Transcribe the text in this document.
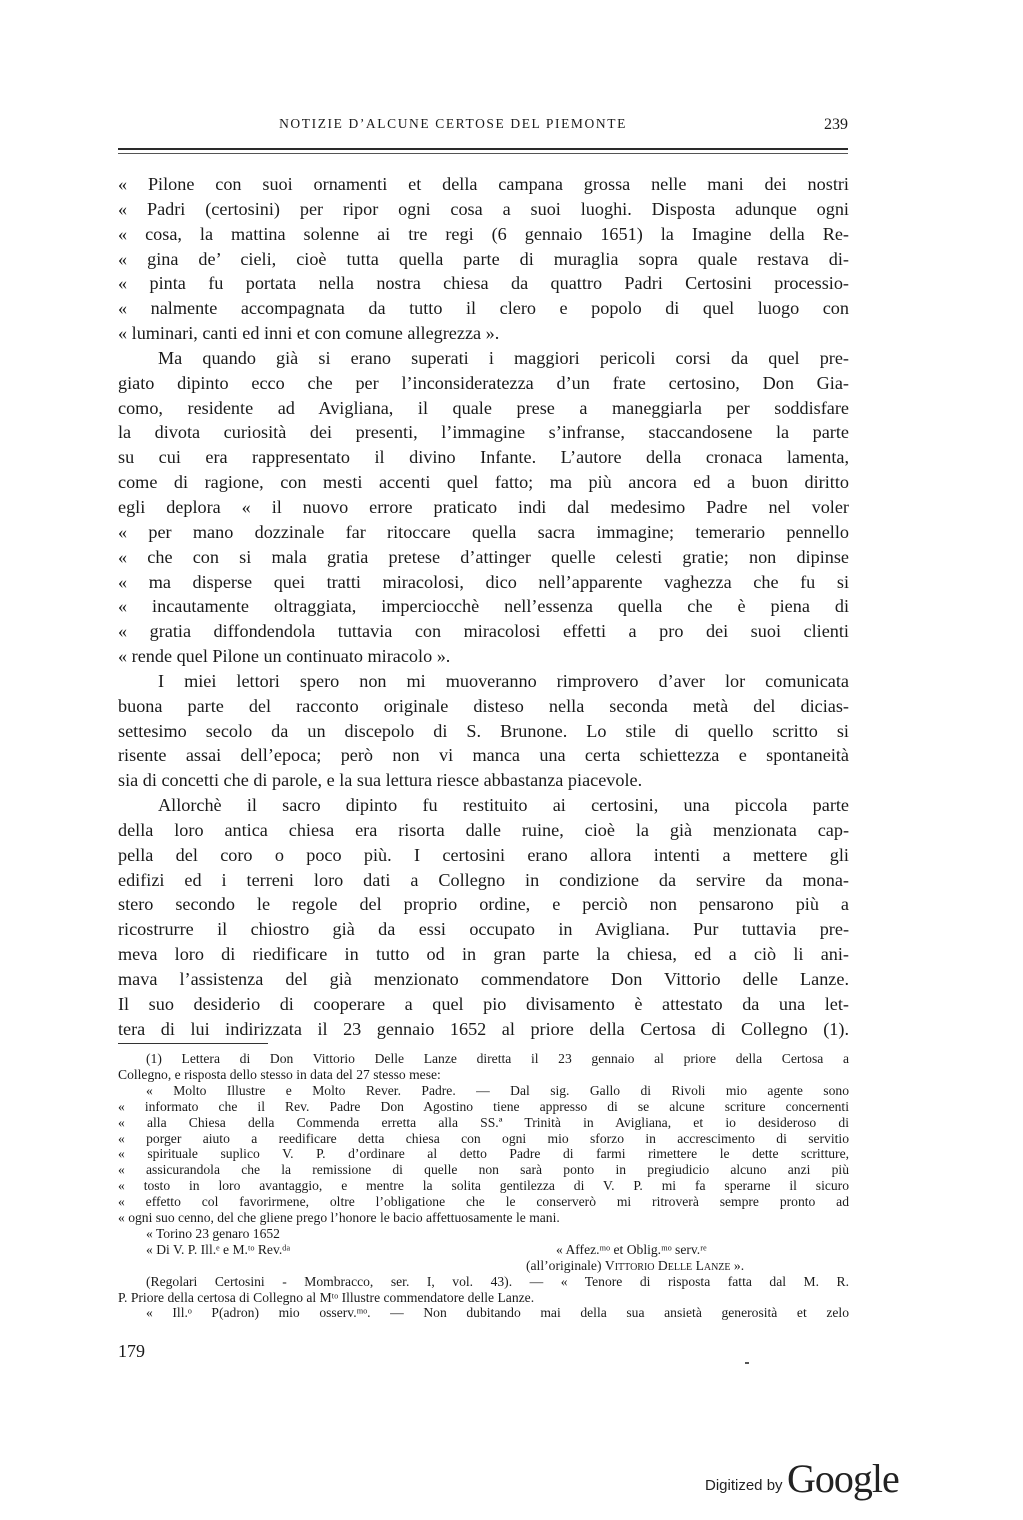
NOTIZIE D’ALCUNE CERTOSE DEL PIEMONTE	239
« Pilone con suoi ornamenti et della campana grossa nelle mani dei nostri
« Padri (certosini) per ripor ogni cosa a suoi luoghi. Disposta adunque ogni
« cosa, la mattina solenne ai tre regi (6 gennaio 1651) la Imagine della Re-
« gina de’ cieli, cioè tutta quella parte di muraglia sopra quale restava di-
« pinta fu portata nella nostra chiesa da quattro Padri Certosini processio-
« nalmente accompagnata da tutto il clero e popolo di quel luogo con
« luminari, canti ed inni et con comune allegrezza ».
Ma quando già si erano superati i maggiori pericoli corsi da quel pre-
giato dipinto ecco che per l’inconsideratezza d’un frate certosino, Don Gia-
como, residente ad Avigliana, il quale prese a maneggiarla per soddisfare
la divota curiosità dei presenti, l’immagine s’infranse, staccandosene la parte
su cui era rappresentato il divino Infante. L’autore della cronaca lamenta,
come di ragione, con mesti accenti quel fatto; ma più ancora ed a buon diritto
egli deplora « il nuovo errore praticato indi dal medesimo Padre nel voler
« per mano dozzinale far ritoccare quella sacra immagine; temerario pennello
« che con si mala gratia pretese d’attinger quelle celesti gratie; non dipinse
« ma disperse quei tratti miracolosi, dico nell’apparente vaghezza che fu si
« incautamente oltraggiata, imperciocchè nell’essenza quella che è piena di
« gratia diffondendola tuttavia con miracolosi effetti a pro dei suoi clienti
« rende quel Pilone un continuato miracolo ».
I miei lettori spero non mi muoveranno rimprovero d’aver lor comunicata
buona parte del racconto originale disteso nella seconda metà del dicias-
settesimo secolo da un discepolo di S. Brunone. Lo stile di quello scritto si
risente assai dell’epoca; però non vi manca una certa schiettezza e spontaneità
sia di concetti che di parole, e la sua lettura riesce abbastanza piacevole.
Allorchè il sacro dipinto fu restituito ai certosini, una piccola parte
della loro antica chiesa era risorta dalle ruine, cioè la già menzionata cap-
pella del coro o poco più. I certosini erano allora intenti a mettere gli
edifizi ed i terreni loro dati a Collegno in condizione da servire da mona-
stero secondo le regole del proprio ordine, e perciò non pensarono più a
ricostrurre il chiostro già da essi occupato in Avigliana. Pur tuttavia pre-
meva loro di riedificare in tutto od in gran parte la chiesa, ed a ciò li ani-
mava l’assistenza del già menzionato commendatore Don Vittorio delle Lanze.
Il suo desiderio di cooperare a quel pio divisamento è attestato da una let-
tera di lui indirizzata il 23 gennaio 1652 al priore della Certosa di Collegno (1).
(1) Lettera di Don Vittorio Delle Lanze diretta il 23 gennaio al priore della Certosa a
Collegno, e risposta dello stesso in data del 27 stesso mese:
« Molto Illustre e Molto Rever. Padre. — Dal sig. Gallo di Rivoli mio agente sono
« informato che il Rev. Padre Don Agostino tiene appresso di se alcune scriture concernenti
« alla Chiesa della Commenda erretta alla SS.ª Trinità in Avigliana, et io desideroso di
« porger aiuto a reedificare detta chiesa con ogni mio sforzo in accrescimento di servitio
« spirituale suplico V. P. d’ordinare al detto Padre di farmi rimettere le dette scritture,
« assicurandola che la remissione di quelle non sarà ponto in pregiudicio alcuno anzi più
« tosto in loro avantaggio, e mentre la solita gentilezza di V. P. mi fa sperarne il sicuro
« effetto col favorirmene, oltre l’obligatione che le conserverò mi ritroverà sempre pronto ad
« ogni suo cenno, del che gliene prego l’honore le bacio affettuosamente le mani.
« Torino 23 genaro 1652
« Di V. P. Ill.ᵉ e M.ᵗᵒ Rev.ᵈᵃ	« Affez.ᵐᵒ et Oblig.ᵐᵒ serv.ʳᵉ
(all’originale) Vittorio Delle Lanze ».
(Regolari Certosini - Mombracco, ser. I, vol. 43). — « Tenore di risposta fatta dal M. R.
P. Priore della certosa di Collegno al Mᵗᵒ Illustre commendatore delle Lanze.
« Ill.ᵒ P(adron) mio osserv.ᵐᵒ. — Non dubitando mai della sua ansietà generosità et zelo
179
Digitized by Google
